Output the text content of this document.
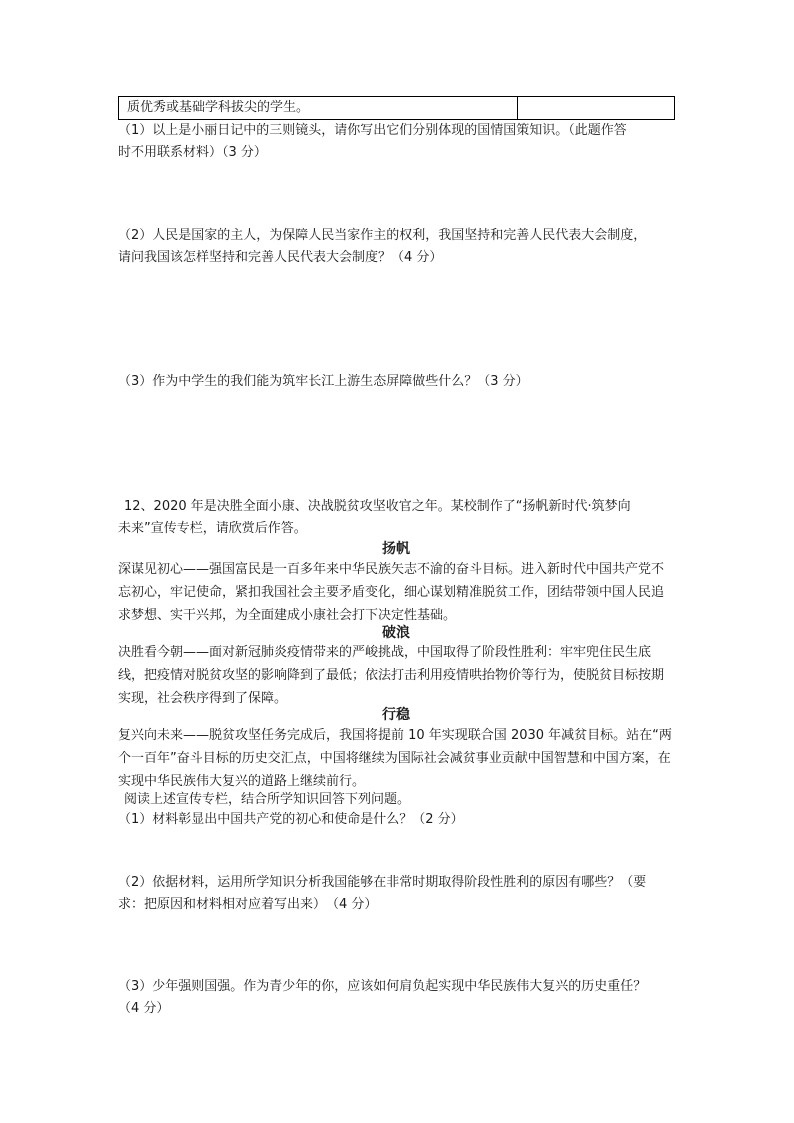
质优秀或基础学科拔尖的学生。	

（1）以上是小丽日记中的三则镜头，请你写出它们分别体现的国情国策知识。（此题作答

时不用联系材料）（3 分）

（2）人民是国家的主人，为保障人民当家作主的权利，我国坚持和完善人民代表大会制度，

请问我国该怎样坚持和完善人民代表大会制度？（4 分）

（3）作为中学生的我们能为筑牢长江上游生态屏障做些什么？（3 分）

12、2020 年是决胜全面小康、决战脱贫攻坚收官之年。某校制作了“扬帆新时代·筑梦向

未来”宣传专栏，请欣赏后作答。

扬帆

深谋见初心——强国富民是一百多年来中华民族矢志不渝的奋斗目标。进入新时代中国共产党不忘初心，牢记使命，紧扣我国社会主要矛盾变化，细心谋划精准脱贫工作，团结带领中国人民追求梦想、实干兴邦，为全面建成小康社会打下决定性基础。

破浪

决胜看今朝——面对新冠肺炎疫情带来的严峻挑战，中国取得了阶段性胜利：牢牢兜住民生底线，把疫情对脱贫攻坚的影响降到了最低；依法打击利用疫情哄抬物价等行为，使脱贫目标按期实现，社会秩序得到了保障。

行稳

复兴向未来——脱贫攻坚任务完成后，我国将提前 10 年实现联合国 2030 年减贫目标。站在“两个一百年”奋斗目标的历史交汇点，中国将继续为国际社会减贫事业贡献中国智慧和中国方案，在实现中华民族伟大复兴的道路上继续前行。

阅读上述宣传专栏，结合所学知识回答下列问题。

（1）材料彰显出中国共产党的初心和使命是什么？（2 分）

（2）依据材料，运用所学知识分析我国能够在非常时期取得阶段性胜利的原因有哪些？（要

求：把原因和材料相对应着写出来）　（4 分）

（3）少年强则国强。作为青少年的你，应该如何肩负起实现中华民族伟大复兴的历史重任？

（4 分）
